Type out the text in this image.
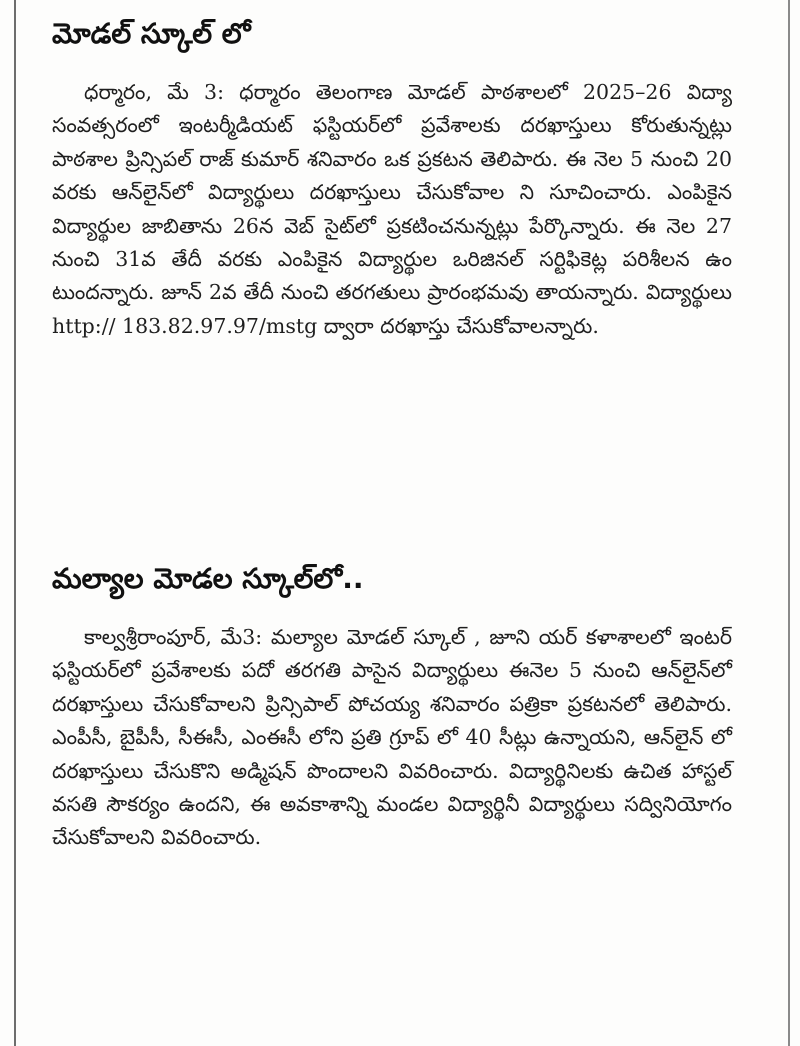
మోడల్ స్కూల్ లో

ధర్మారం, మే 3: ధర్మారం తెలంగాణ మోడల్ పాఠశాలలో 2025–26 విద్యా సంవత్సరంలో ఇంటర్మీడియట్ ఫస్టియర్‌లో ప్రవేశాలకు దరఖాస్తులు కోరుతున్నట్లు పాఠశాల ప్రిన్సిపల్ రాజ్ కుమార్ శనివారం ఒక ప్రకటన తెలిపారు. ఈ నెల 5 నుంచి 20 వరకు ఆన్‌లైన్‌లో విద్యార్థులు దరఖాస్తులు చేసుకోవాల ని సూచించారు. ఎంపికైన విద్యార్థుల జాబితాను 26న వెబ్ సైట్‌లో ప్రకటించనున్నట్లు పేర్కొన్నారు. ఈ నెల 27 నుంచి 31వ తేదీ వరకు ఎంపికైన విద్యార్థుల ఒరిజినల్ సర్టిఫికెట్ల పరిశీలన ఉం టుందన్నారు. జూన్ 2వ తేదీ నుంచి తరగతులు ప్రారంభమవు తాయన్నారు. విద్యార్థులు http:// 183.82.97.97/mstg ద్వారా దరఖాస్తు చేసుకోవాలన్నారు.

మల్యాల మోడల స్కూల్‌లో..

కాల్వశ్రీరాంపూర్, మే3: మల్యాల మోడల్ స్కూల్ , జూని యర్ కళాశాలలో ఇంటర్ ఫస్టియర్‌లో ప్రవేశాలకు పదో తరగతి పాసైన విద్యార్థులు ఈనెల 5 నుంచి ఆన్‌లైన్‌లో దరఖాస్తులు చేసుకోవాలని ప్రిన్సిపాల్ పోచయ్య శనివారం పత్రికా ప్రకటనలో తెలిపారు. ఎంపీసీ, బైపీసీ, సీఈసీ, ఎంఈసీ లోని ప్రతి గ్రూప్ లో 40 సీట్లు ఉన్నాయని, ఆన్‌లైన్ లో దరఖాస్తులు చేసుకొని అడ్మిషన్ పొందాలని వివరించారు. విద్యార్థినిలకు ఉచిత హాస్టల్ వసతి సౌకర్యం ఉందని, ఈ అవకాశాన్ని మండల విద్యార్థినీ విద్యార్థులు సద్వినియోగం చేసుకోవాలని వివరించారు.
